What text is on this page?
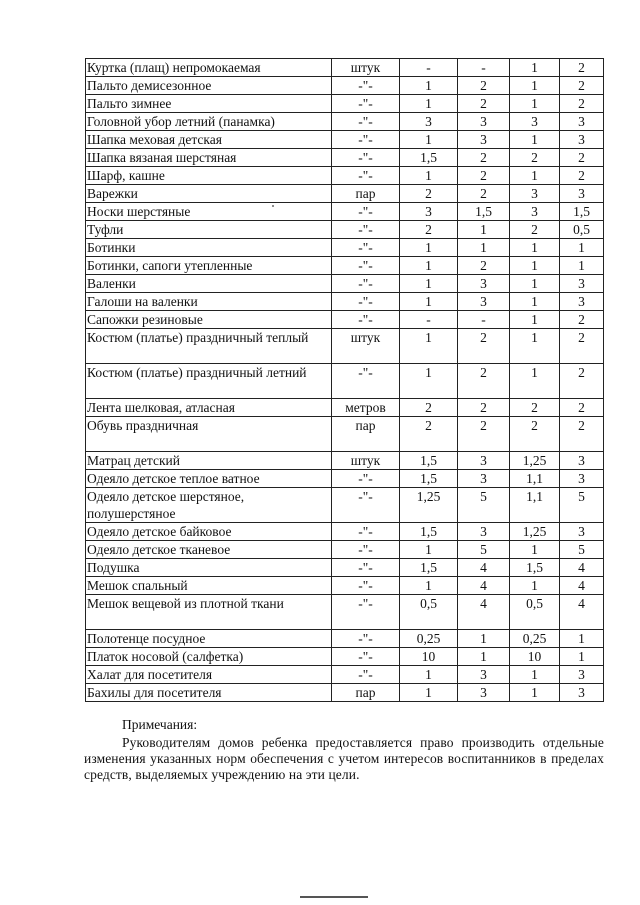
Куртка (плащ) непромокаемая	штук	-	-	1	2
Пальто демисезонное	-"-	1	2	1	2
Пальто зимнее	-"-	1	2	1	2
Головной убор летний (панамка)	-"-	3	3	3	3
Шапка меховая детская	-"-	1	3	1	3
Шапка вязаная шерстяная	-"-	1,5	2	2	2
Шарф, кашне	-"-	1	2	1	2
Варежки	пар	2	2	3	3
Носки шерстяные	-"-	3	1,5	3	1,5
Туфли	-"-	2	1	2	0,5
Ботинки	-"-	1	1	1	1
Ботинки, сапоги утепленные	-"-	1	2	1	1
Валенки	-"-	1	3	1	3
Галоши на валенки	-"-	1	3	1	3
Сапожки резиновые	-"-	-	-	1	2
Костюм (платье) праздничный теплый	штук	1	2	1	2
Костюм (платье) праздничный летний	-"-	1	2	1	2
Лента шелковая, атласная	метров	2	2	2	2
Обувь праздничная	пар	2	2	2	2
Матрац детский	штук	1,5	3	1,25	3
Одеяло детское теплое ватное	-"-	1,5	3	1,1	3
Одеяло детское шерстяное, полушерстяное	-"-	1,25	5	1,1	5
Одеяло детское байковое	-"-	1,5	3	1,25	3
Одеяло детское тканевое	-"-	1	5	1	5
Подушка	-"-	1,5	4	1,5	4
Мешок спальный	-"-	1	4	1	4
Мешок вещевой из плотной ткани	-"-	0,5	4	0,5	4
Полотенце посудное	-"-	0,25	1	0,25	1
Платок носовой (салфетка)	-"-	10	1	10	1
Халат для посетителя	-"-	1	3	1	3
Бахилы для посетителя	пар	1	3	1	3
Примечания:
Руководителям домов ребенка предоставляется право производить отдельные изменения указанных норм обеспечения с учетом интересов воспитанников в пределах средств, выделяемых учреждению на эти цели.
